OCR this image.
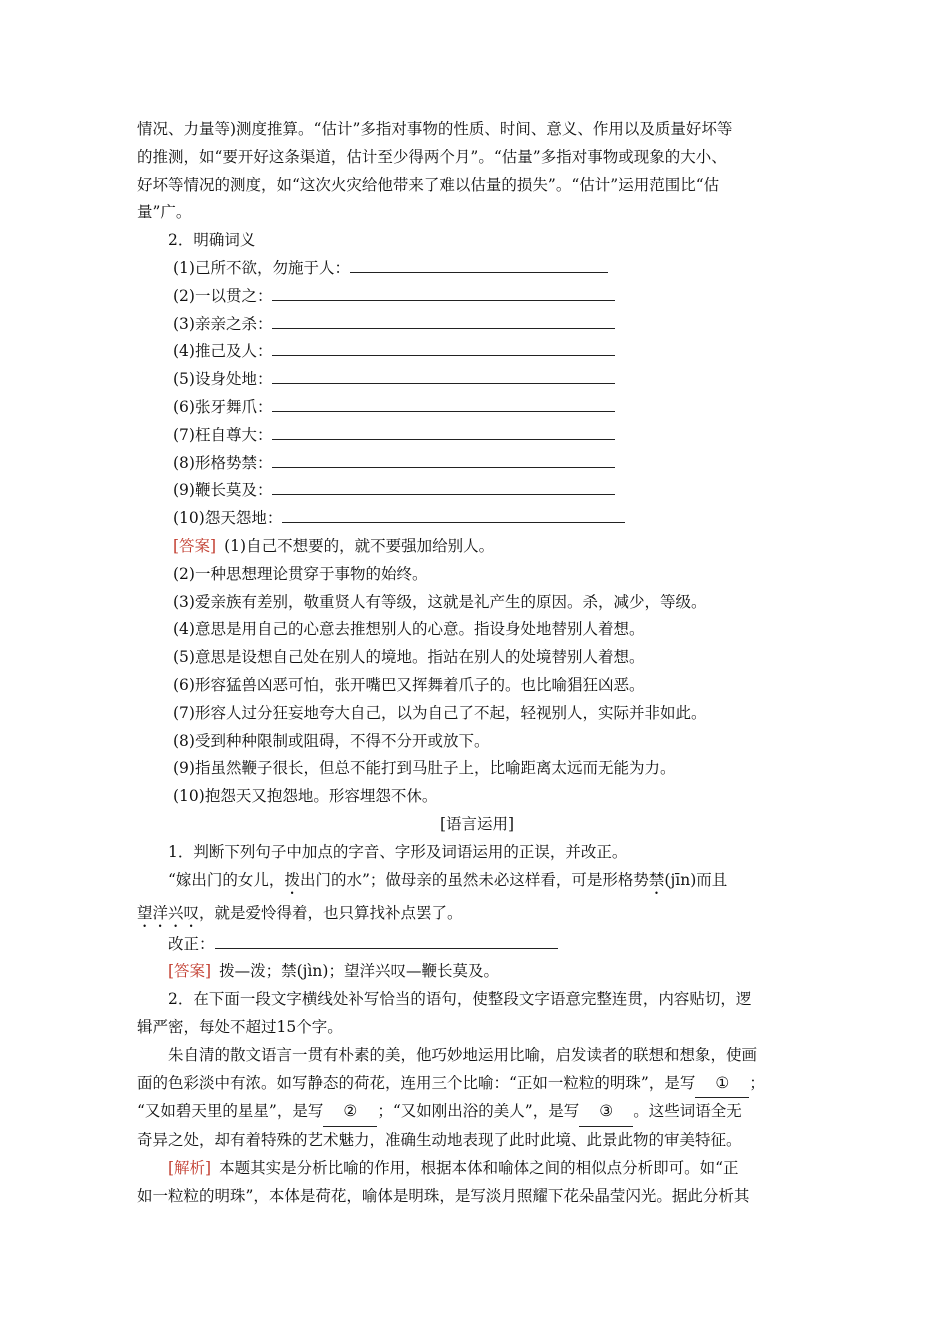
情况、力量等)测度推算。“估计”多指对事物的性质、时间、意义、作用以及质量好坏等

的推测，如“要开好这条渠道，估计至少得两个月”。“估量”多指对事物或现象的大小、

好坏等情况的测度，如“这次火灾给他带来了难以估量的损失”。“估计”运用范围比“估

量”广。

2．明确词义

(1)己所不欲，勿施于人：

(2)一以贯之：

(3)亲亲之杀：

(4)推己及人：

(5)设身处地：

(6)张牙舞爪：

(7)枉自尊大：

(8)形格势禁：

(9)鞭长莫及：

(10)怨天怨地：

[答案] (1)自己不想要的，就不要强加给别人。

(2)一种思想理论贯穿于事物的始终。

(3)爱亲族有差别，敬重贤人有等级，这就是礼产生的原因。杀，减少，等级。

(4)意思是用自己的心意去推想别人的心意。指设身处地替别人着想。

(5)意思是设想自己处在别人的境地。指站在别人的处境替别人着想。

(6)形容猛兽凶恶可怕，张开嘴巴又挥舞着爪子的。也比喻猖狂凶恶。

(7)形容人过分狂妄地夸大自己，以为自己了不起，轻视别人，实际并非如此。

(8)受到种种限制或阻碍，不得不分开或放下。

(9)指虽然鞭子很长，但总不能打到马肚子上，比喻距离太远而无能为力。

(10)抱怨天又抱怨地。形容埋怨不休。

[语言运用]

1．判断下列句子中加点的字音、字形及词语运用的正误，并改正。

“嫁出门的女儿，拨出门的水”；做母亲的虽然未必这样看，可是形格势禁(jīn)而且

望洋兴叹，就是爱怜得着，也只算找补点罢了。

改正：

[答案] 拨—泼；禁(jìn)；望洋兴叹—鞭长莫及。

2．在下面一段文字横线处补写恰当的语句，使整段文字语意完整连贯，内容贴切，逻

辑严密，每处不超过15个字。

朱自清的散文语言一贯有朴素的美，他巧妙地运用比喻，启发读者的联想和想象，使画

面的色彩淡中有浓。如写静态的荷花，连用三个比喻：“正如一粒粒的明珠”，是写 ① ；

“又如碧天里的星星”，是写 ② ；“又如刚出浴的美人”，是写 ③ 。这些词语全无

奇异之处，却有着特殊的艺术魅力，准确生动地表现了此时此境、此景此物的审美特征。

[解析] 本题其实是分析比喻的作用，根据本体和喻体之间的相似点分析即可。如“正

如一粒粒的明珠”，本体是荷花，喻体是明珠，是写淡月照耀下花朵晶莹闪光。据此分析其
